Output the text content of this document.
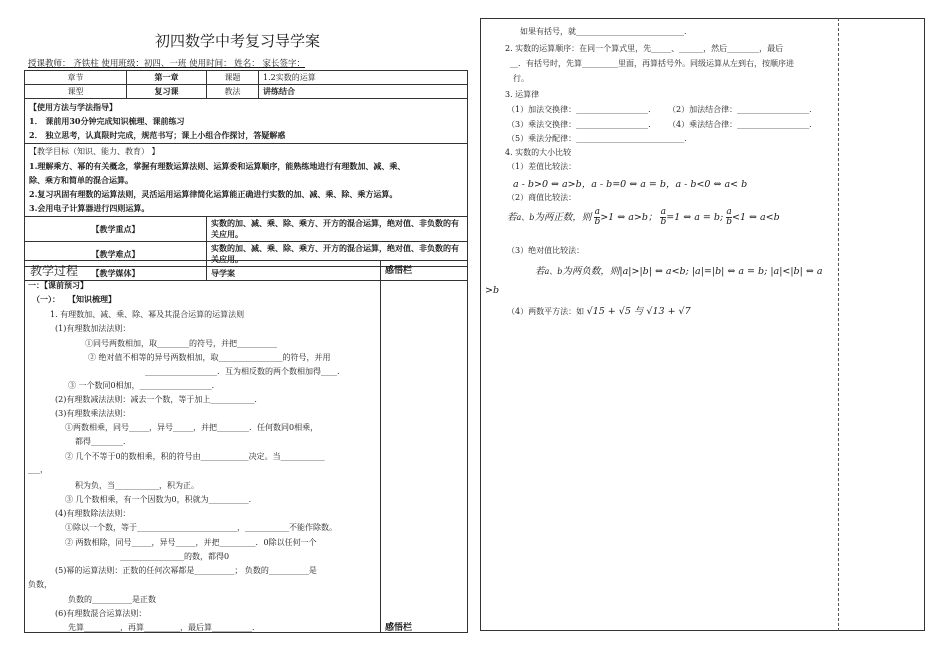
初四数学中考复习导学案
授课教师： 齐铁柱 使用班级：初四、一班 使用时间： 姓名： 家长签字：
章节	第一章	课题	1.2实数的运算
课型	复习课	教法	讲练结合

【使用方法与学法指导】
1． 课前用30分钟完成知识梳理、课前练习
2． 独立思考，认真限时完成，规范书写；课上小组合作探讨，答疑解惑			

【教学目标（知识、能力、教育） 】
1.理解乘方、幂的有关概念，掌握有理数运算法则、运算委和运算顺序，能熟练地进行有理数加、减、乘、
除、乘方和简单的混合运算。
2.复习巩固有理数的运算法则，灵活运用运算律简化运算能正确进行实数的加、减、乘、除、乘方运算。
3.会用电子计算器进行四则运算。			

【教学重点】		实数的加、减、乘、除、乘方、开方的混合运算，绝对值、非负数的有关应用。	
【教学难点】		实数的加、减、乘、除、乘方、开方的混合运算，绝对值、非负数的有关应用。	
【教学媒体】		导学案	
教学过程	感悟栏
感悟栏
一：【课前预习】
（一）： 【知识梳理】
1. 有理数加、减、乘、除、幂及其混合运算的运算法则
(1)有理数加法法则：
①同号两数相加，取________的符号，并把__________
② 绝对值不相等的异号两数相加，取________________的符号，并用
__________________．互为相反数的两个数相加得____．
③ 一个数同0相加，__________________．
(2)有理数减法法则：减去一个数，等于加上___________．
(3)有理数乘法法则：
①两数相乘，同号_____，异号_____，并把________．任何数同0相乘，
都得________．
② 几个不等于0的数相乘，积的符号由____________决定。当___________
___，
积为负，当___________，积为正。
③ 几个数相乘，有一个因数为0，积就为__________．
(4)有理数除法法则：
①除以一个数，等于_________________________，___________不能作除数。
② 两数相除，同号_____，异号_____，并把_________．0除以任何一个
________________的数，都得0
(5)幂的运算法则：正数的任何次幂都是__________； 负数的__________是
负数，
负数的__________是正数
(6)有理数混合运算法则：
先算_________，再算_________，最后算__________．
如果有括号，就___________________________．
2. 实数的运算顺序：在同一个算式里，先_____、______，然后________，最后
__．有括号时，先算_________里面，再算括号外。同级运算从左到右，按顺序进
行。
3. 运算律
（1）加法交换律：__________________． （2）加法结合律：__________________．
（3）乘法交换律：__________________． （4）乘法结合律：__________________．
（5）乘法分配律：___________________________．
4. 实数的大小比较
（1）差值比较法：
a - b>0 ⇔ a>b，a - b=0 ⇔ a = b，a - b<0 ⇔ a< b
（2）商值比较法：
若a、b为两正数，则 $\frac{a}{b} >1$ ⇔ a>b； $\frac{a}{b} =1$ ⇔ a = b; $\frac{a}{b} <1$ ⇔ a<b
（3）绝对值比较法：
若a、b为两负数，则|a|>|b| ⇔ a<b; |a|=|b| ⇔ a = b; |a|<|b| ⇔ a
>b
（4）两数平方法：如 √15 + √5 与 √13 + √7
